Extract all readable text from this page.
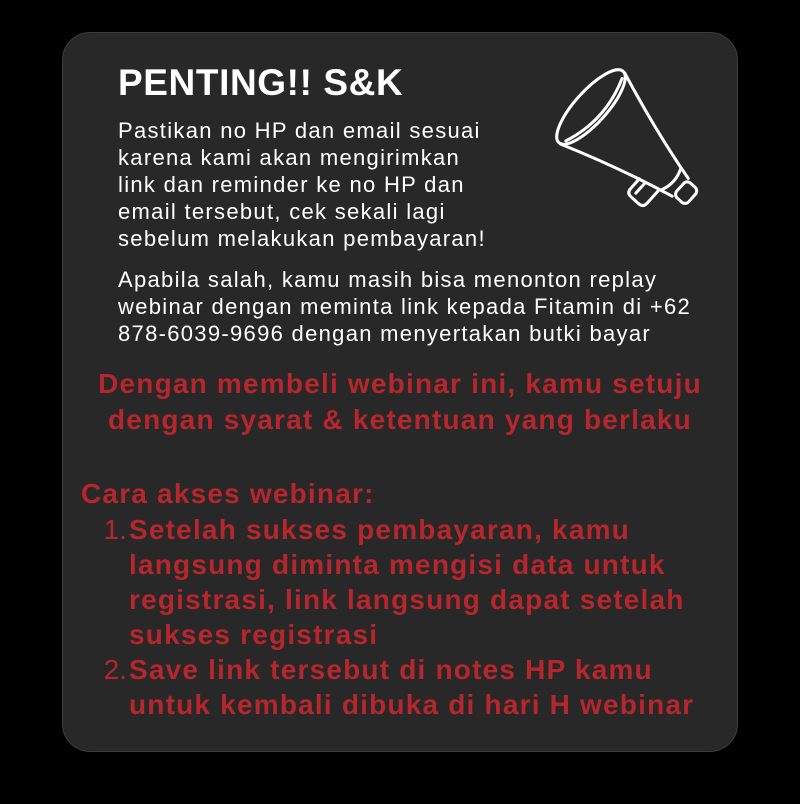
PENTING!! S&K

Pastikan no HP dan email sesuai
karena kami akan mengirimkan
link dan reminder ke no HP dan
email tersebut, cek sekali lagi
sebelum melakukan pembayaran!

Apabila salah, kamu masih bisa menonton replay
webinar dengan meminta link kepada Fitamin di +62
878-6039-9696 dengan menyertakan butki bayar

Dengan membeli webinar ini, kamu setuju
dengan syarat & ketentuan yang berlaku

Cara akses webinar:
1. Setelah sukses pembayaran, kamu
langsung diminta mengisi data untuk
registrasi, link langsung dapat setelah
sukses registrasi
2. Save link tersebut di notes HP kamu
untuk kembali dibuka di hari H webinar
